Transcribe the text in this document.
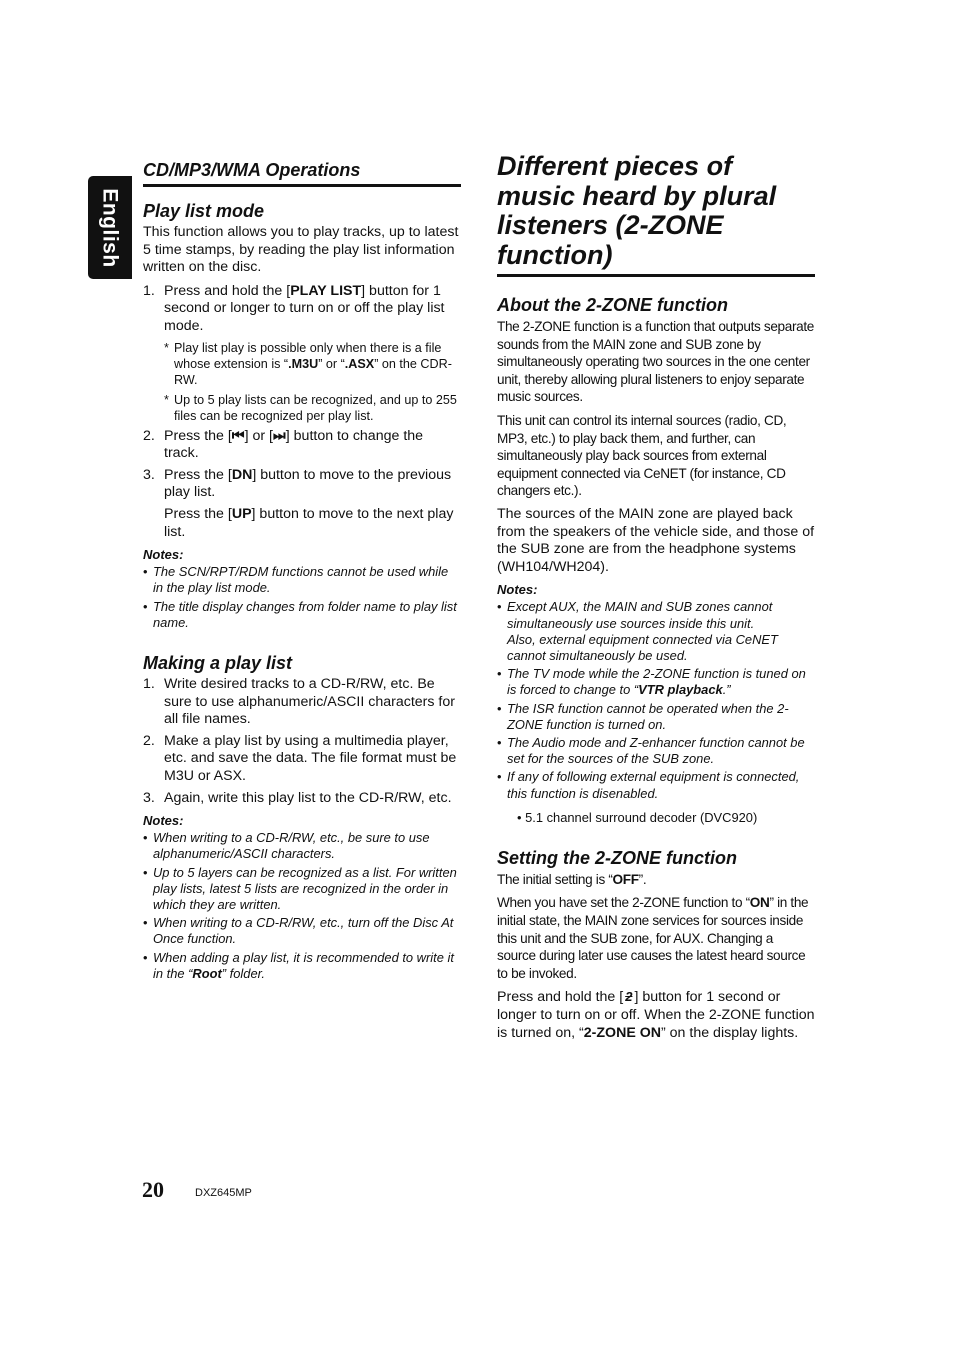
English
CD/MP3/WMA Operations
Play list mode

This function allows you to play tracks, up to latest 5 time stamps, by reading the play list information written on the disc.

1. Press and hold the [PLAY LIST] button for 1 second or longer to turn on or off the play list mode.
* Play list play is possible only when there is a file whose extension is “.M3U” or “.ASX” on the CDR-RW.
* Up to 5 play lists can be recognized, and up to 255 files can be recognized per play list.
2. Press the [⏮] or [⏭] button to change the track.
3. Press the [DN] button to move to the previous play list.
Press the [UP] button to move to the next play list.
Notes:
• The SCN/RPT/RDM functions cannot be used while in the play list mode.
• The title display changes from folder name to play list name.
Making a play list
1. Write desired tracks to a CD-R/RW, etc. Be sure to use alphanumeric/ASCII characters for all file names.
2. Make a play list by using a multimedia player, etc. and save the data. The file format must be M3U or ASX.
3. Again, write this play list to the CD-R/RW, etc.
Notes:
• When writing to a CD-R/RW, etc., be sure to use alphanumeric/ASCII characters.
• Up to 5 layers can be recognized as a list. For written play lists, latest 5 lists are recognized in the order in which they are written.
• When writing to a CD-R/RW, etc., turn off the Disc At Once function.
• When adding a play list, it is recommended to write it in the “Root” folder.
Different pieces of music heard by plural listeners (2-ZONE function)
About the 2-ZONE function

The 2-ZONE function is a function that outputs separate sounds from the MAIN zone and SUB zone by simultaneously operating two sources in the one center unit, thereby allowing plural listeners to enjoy separate music sources.

This unit can control its internal sources (radio, CD, MP3, etc.) to play back them, and further, can simultaneously play back sources from external equipment connected via CeNET (for instance, CD changers etc.).

The sources of the MAIN zone are played back from the speakers of the vehicle side, and those of the SUB zone are from the headphone systems (WH104/WH204).

Notes:
• Except AUX, the MAIN and SUB zones cannot simultaneously use sources inside this unit.
Also, external equipment connected via CeNET cannot simultaneously be used.
• The TV mode while the 2-ZONE function is tuned on is forced to change to “VTR playback.”
• The ISR function cannot be operated when the 2-ZONE function is turned on.
• The Audio mode and Z-enhancer function cannot be set for the sources of the SUB zone.
• If any of following external equipment is connected, this function is disenabled.
• 5.1 channel surround decoder (DVC920)
Setting the 2-ZONE function

The initial setting is “OFF”.

When you have set the 2-ZONE function to “ON” in the initial state, the MAIN zone services for sources inside this unit and the SUB zone, for AUX. Changing a source during later use causes the latest heard source to be invoked.

Press and hold the [ 2 ] button for 1 second or longer to turn on or off. When the 2-ZONE function is turned on, “2-ZONE ON” on the display lights.

20	DXZ645MP
